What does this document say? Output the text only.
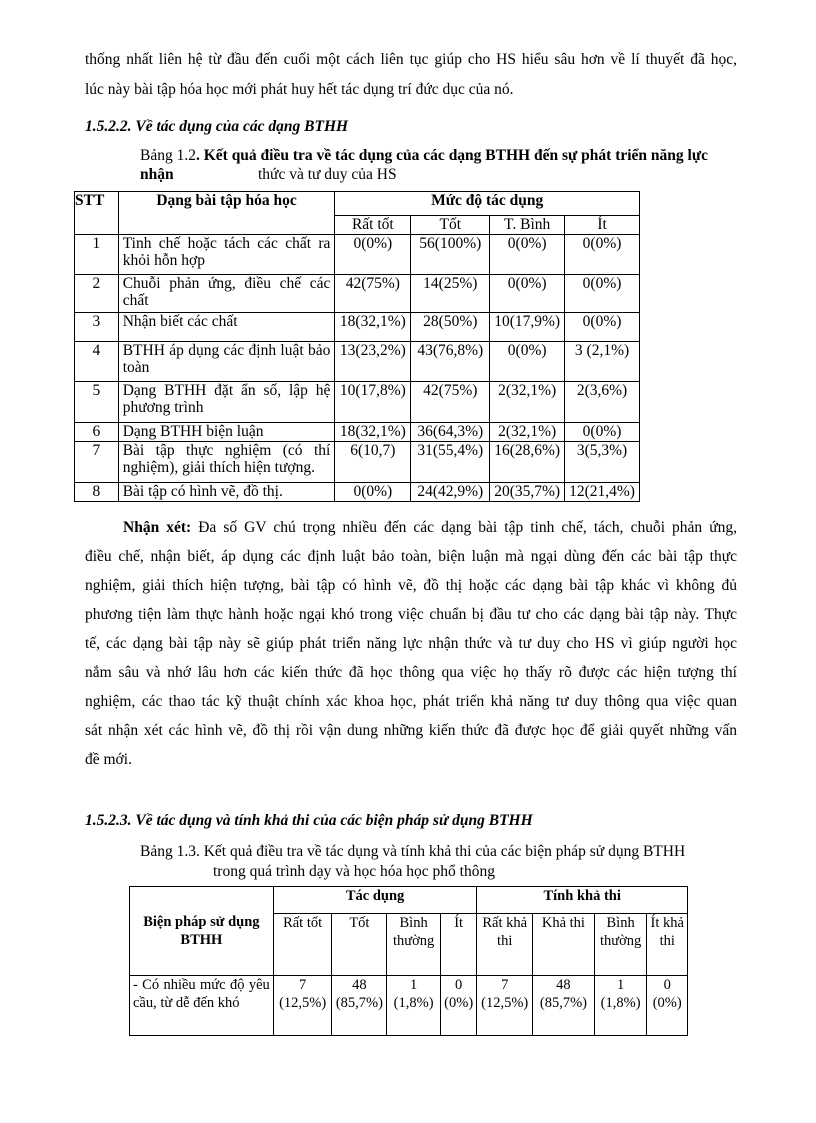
thống nhất liên hệ từ đầu đến cuối một cách liên tục giúp cho HS hiểu sâu hơn về lí thuyết đã học,

lúc này bài tập hóa học mới phát huy hết tác dụng trí đức dục của nó.

1.5.2.2. Về tác dụng của các dạng BTHH

Bảng 1.2. Kết quả điều tra về tác dụng của các dạng BTHH đến sự phát triển năng lực nhận	thức và tư duy của HS

STT	Dạng bài tập hóa học	Mức độ tác dụng			
		Rất tốt	Tốt	T. Bình	Ít
1	Tinh chế hoặc tách các chất ra khỏi hỗn hợp	0(0%)	56(100%)	0(0%)	0(0%)
2	Chuỗi phản ứng, điều chế các chất	42(75%)	14(25%)	0(0%)	0(0%)
3	Nhận biết các chất	18(32,1%)	28(50%)	10(17,9%)	0(0%)
4	BTHH áp dụng các định luật bảo toàn	13(23,2%)	43(76,8%)	0(0%)	3 (2,1%)
5	Dạng BTHH đặt ẩn số, lập hệ phương trình	10(17,8%)	42(75%)	2(32,1%)	2(3,6%)
6	Dạng BTHH biện luận	18(32,1%)	36(64,3%)	2(32,1%)	0(0%)
7	Bài tập thực nghiệm (có thí nghiệm), giải thích hiện tượng.	6(10,7)	31(55,4%)	16(28,6%)	3(5,3%)
8	Bài tập có hình vẽ, đồ thị.	0(0%)	24(42,9%)	20(35,7%)	12(21,4%)

Nhận xét: Đa số GV chú trọng nhiều đến các dạng bài tập tinh chế, tách, chuỗi phản ứng,

điều chế, nhận biết, áp dụng các định luật bảo toàn, biện luận mà ngại dùng đến các bài tập thực

nghiệm, giải thích hiện tượng, bài tập có hình vẽ, đồ thị hoặc các dạng bài tập khác vì không đủ

phương tiện làm thực hành hoặc ngại khó trong việc chuẩn bị đầu tư cho các dạng bài tập này. Thực

tế, các dạng bài tập này sẽ giúp phát triển năng lực nhận thức và tư duy cho HS vì giúp người học

nắm sâu và nhớ lâu hơn các kiến thức đã học thông qua việc họ thấy rõ được các hiện tượng thí

nghiệm, các thao tác kỹ thuật chính xác khoa học, phát triển khả năng tư duy thông qua việc quan

sát nhận xét các hình vẽ, đồ thị rồi vận dung những kiến thức đã được học để giải quyết những vấn

đề mới.

1.5.2.3. Về tác dụng và tính khả thi của các biện pháp sử dụng BTHH

Bảng 1.3. Kết quả điều tra về tác dụng và tính khả thi của các biện pháp sử dụng BTHH

trong quá trình dạy và học hóa học phổ thông

Biện pháp sử dụng BTHH	Tác dụng				Tính khả thi			
	Rất tốt	Tốt	Bình thường	Ít	Rất khả thi	Khả thi	Bình thường	Ít khả thi
- Có nhiều mức độ yêu cầu, từ dễ đến khó	7 (12,5%)	48 (85,7%)	1 (1,8%)	0 (0%)	7 (12,5%)	48 (85,7%)	1 (1,8%)	0 (0%)
